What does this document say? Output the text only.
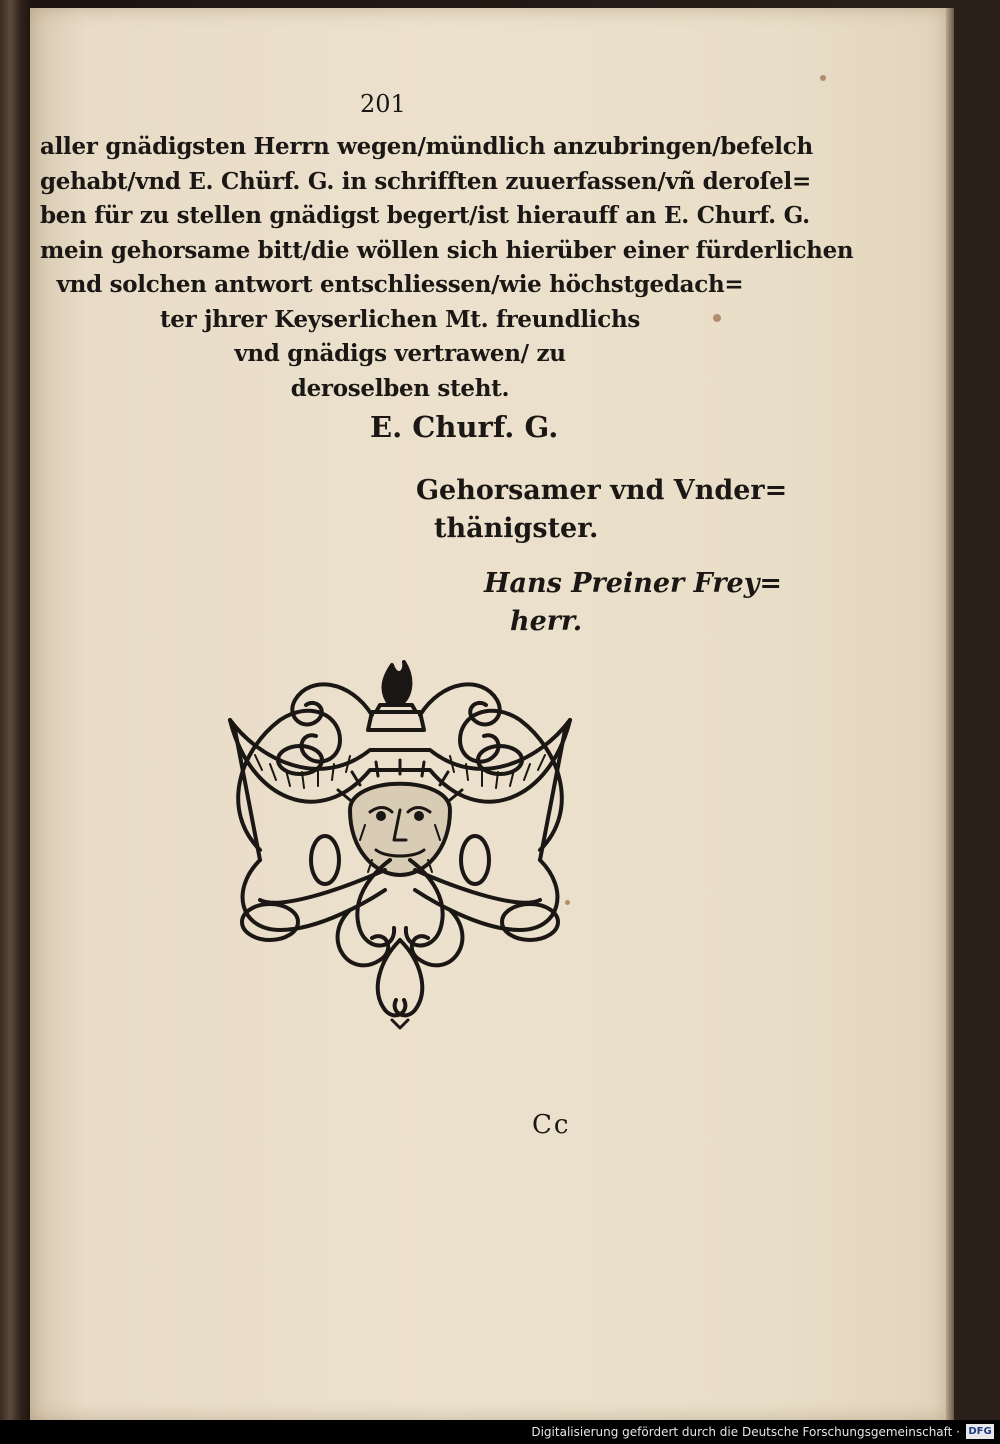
201
aller gnädigsten Herrn wegen/mündlich anzubringen/befelch
gehabt/vnd E. Chürf. G. in schrifften zuuerfassen/vñ deroſel=
ben für zu stellen gnädigst begert/ist hierauff an E. Churf. G.
mein gehorsame bitt/die wöllen sich hierüber einer fürderlichen
vnd solchen antwort entschliessen/wie höchstgedach=
ter jhrer Keyserlichen Mt. freundlichs
vnd gnädigs vertrawen/ zu
deroselben steht.
E. Churf. G.
Gehorsamer vnd Vnder=
thänigster.
Hans Preiner Frey=
herr.
Cc
Digitalisierung gefördert durch die Deutsche Forschungsgemeinschaft · DFG
